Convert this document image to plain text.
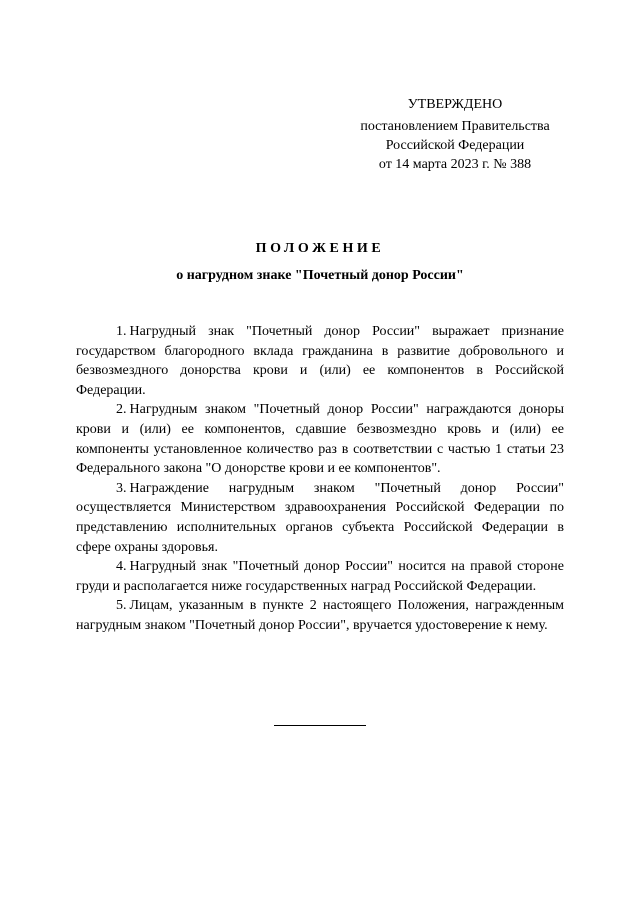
УТВЕРЖДЕНО
постановлением Правительства
Российской Федерации
от 14 марта 2023 г. № 388
ПОЛОЖЕНИЕ
о нагрудном знаке "Почетный донор России"

1. Нагрудный знак "Почетный донор России" выражает признание государством благородного вклада гражданина в развитие добровольного и безвозмездного донорства крови и (или) ее компонентов в Российской Федерации.

2. Нагрудным знаком "Почетный донор России" награждаются доноры крови и (или) ее компонентов, сдавшие безвозмездно кровь и (или) ее компоненты установленное количество раз в соответствии с частью 1 статьи 23 Федерального закона "О донорстве крови и ее компонентов".

3. Награждение нагрудным знаком "Почетный донор России" осуществляется Министерством здравоохранения Российской Федерации по представлению исполнительных органов субъекта Российской Федерации в сфере охраны здоровья.

4. Нагрудный знак "Почетный донор России" носится на правой стороне груди и располагается ниже государственных наград Российской Федерации.

5. Лицам, указанным в пункте 2 настоящего Положения, награжденным нагрудным знаком "Почетный донор России", вручается удостоверение к нему.
